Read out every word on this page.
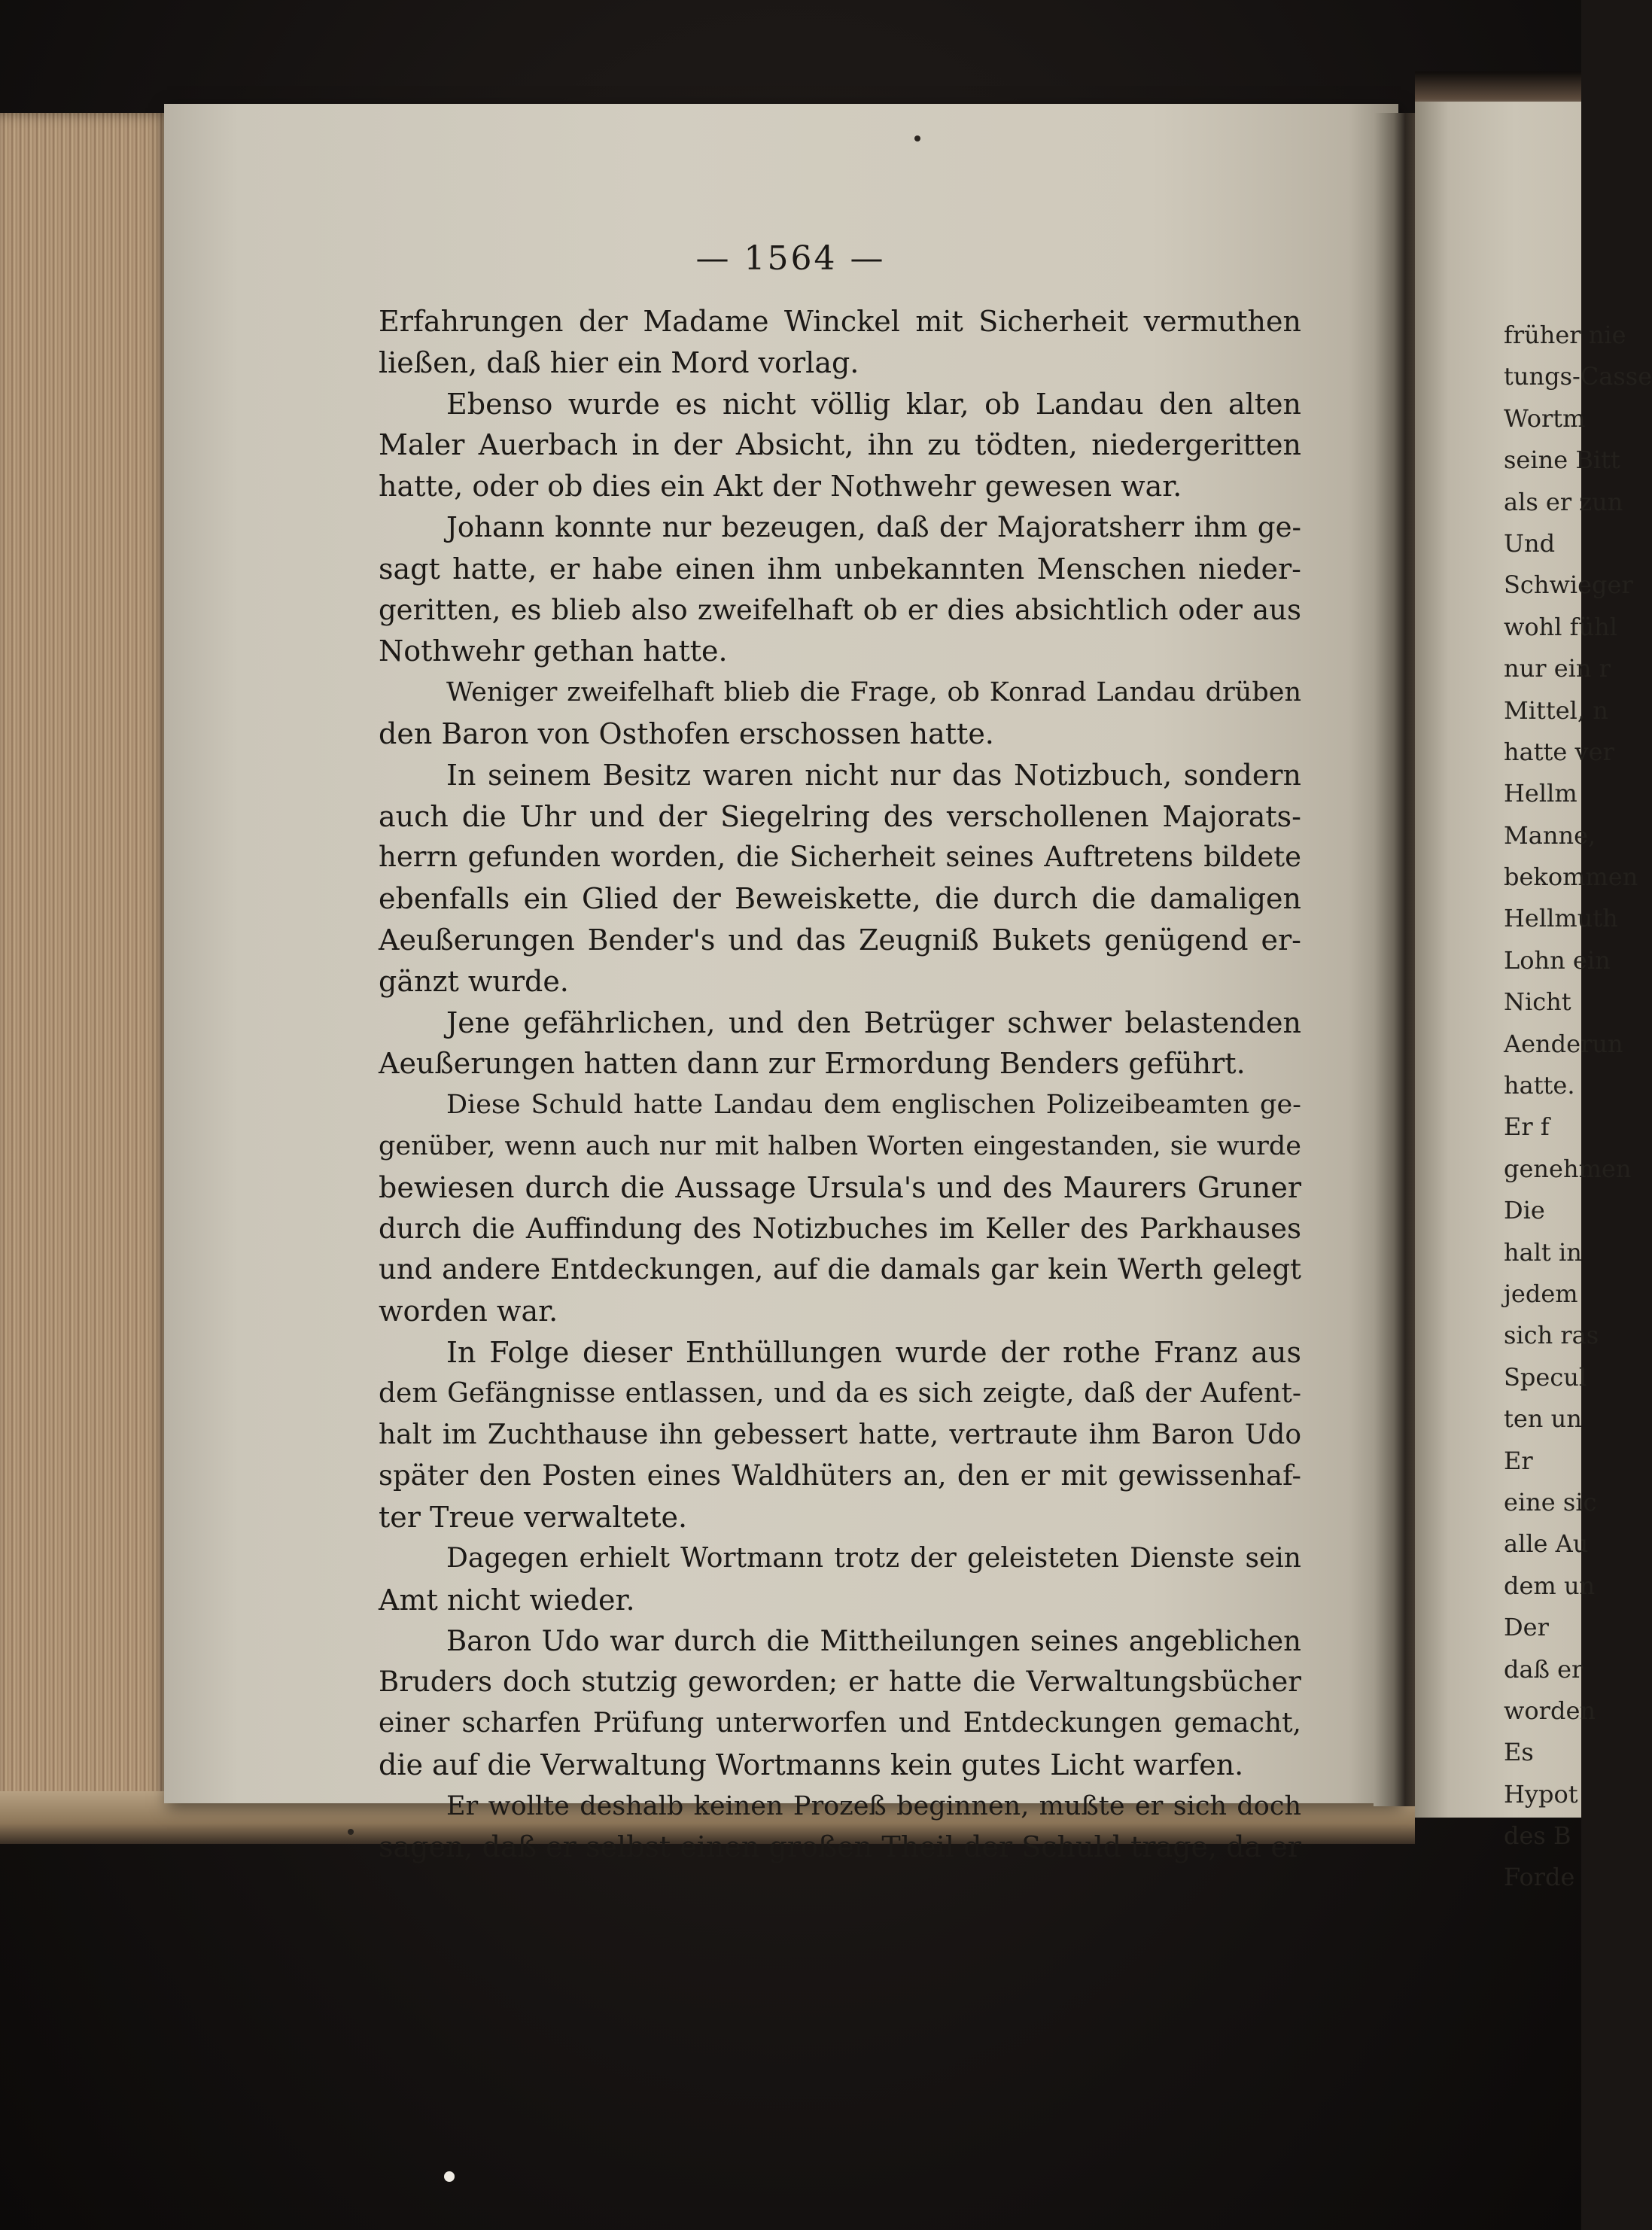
— 1564 —
Erfahrungen der Madame Winckel mit Sicherheit vermuthen
ließen, daß hier ein Mord vorlag.
Ebenso wurde es nicht völlig klar, ob Landau den alten
Maler Auerbach in der Absicht, ihn zu tödten, niedergeritten
hatte, oder ob dies ein Akt der Nothwehr gewesen war.
Johann konnte nur bezeugen, daß der Majoratsherr ihm ge-
sagt hatte, er habe einen ihm unbekannten Menschen nieder-
geritten, es blieb also zweifelhaft ob er dies absichtlich oder aus
Nothwehr gethan hatte.
Weniger zweifelhaft blieb die Frage, ob Konrad Landau drüben
den Baron von Osthofen erschossen hatte.
In seinem Besitz waren nicht nur das Notizbuch, sondern
auch die Uhr und der Siegelring des verschollenen Majorats-
herrn gefunden worden, die Sicherheit seines Auftretens bildete
ebenfalls ein Glied der Beweiskette, die durch die damaligen
Aeußerungen Bender's und das Zeugniß Bukets genügend er-
gänzt wurde.
Jene gefährlichen, und den Betrüger schwer belastenden
Aeußerungen hatten dann zur Ermordung Benders geführt.
Diese Schuld hatte Landau dem englischen Polizeibeamten ge-
genüber, wenn auch nur mit halben Worten eingestanden, sie wurde
bewiesen durch die Aussage Ursula's und des Maurers Gruner
durch die Auffindung des Notizbuches im Keller des Parkhauses
und andere Entdeckungen, auf die damals gar kein Werth gelegt
worden war.
In Folge dieser Enthüllungen wurde der rothe Franz aus
dem Gefängnisse entlassen, und da es sich zeigte, daß der Aufent-
halt im Zuchthause ihn gebessert hatte, vertraute ihm Baron Udo
später den Posten eines Waldhüters an, den er mit gewissenhaf-
ter Treue verwaltete.
Dagegen erhielt Wortmann trotz der geleisteten Dienste sein
Amt nicht wieder.
Baron Udo war durch die Mittheilungen seines angeblichen
Bruders doch stutzig geworden; er hatte die Verwaltungsbücher
einer scharfen Prüfung unterworfen und Entdeckungen gemacht,
die auf die Verwaltung Wortmanns kein gutes Licht warfen.
Er wollte deshalb keinen Prozeß beginnen, mußte er sich doch
sagen, daß er selbst einen großen Theil der Schuld trage, da er
früher nie
tungs-Casse
Wortm
seine Bitt
als er zun
Und
Schwieger
wohl fühl
nur ein r
Mittel, n
hatte ver
Hellm
Manne,
bekommen
Hellmuth
Lohn ein
Nicht
Aenderun
hatte.
Er f
genehmen
Die
halt in
jedem
sich ras
Specul
ten un
Er
eine sic
alle Au
dem un
Der
daß er
worden
Es
Hypot
des B
Forde
